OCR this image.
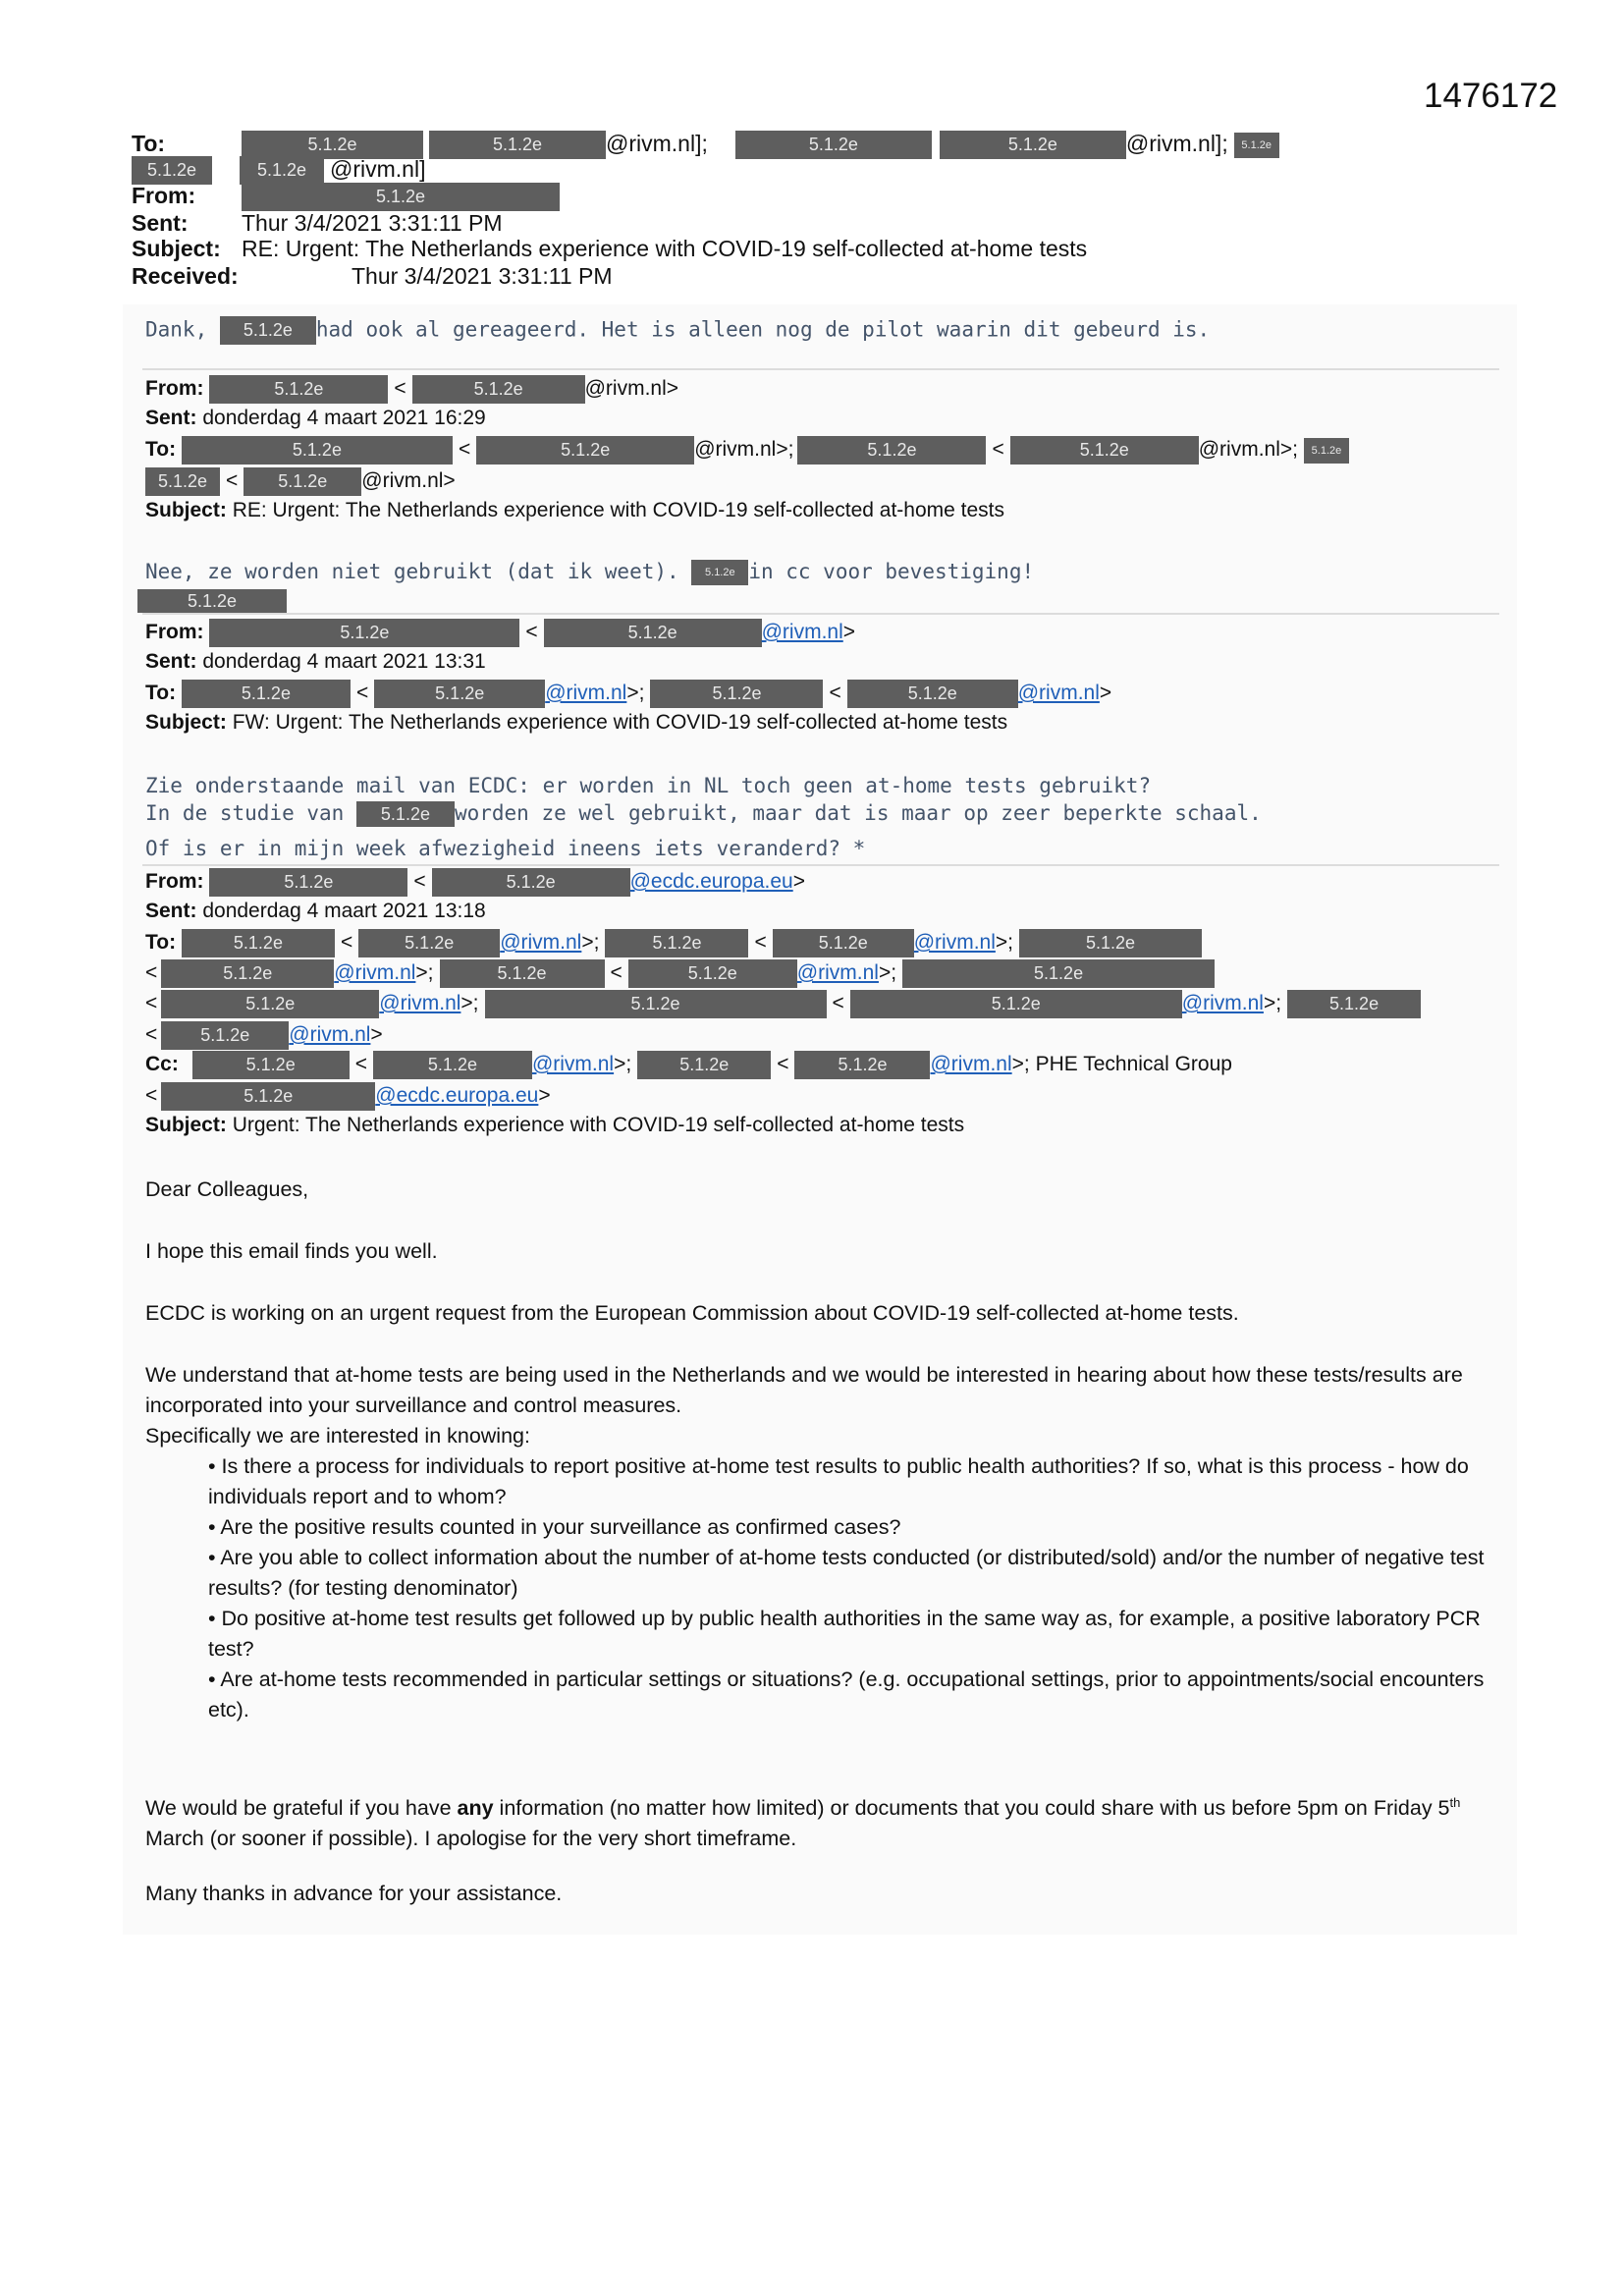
1476172
To:	5.1.2e	5.1.2e	@rivm.nl];	5.1.2e	5.1.2e	@rivm.nl]; 5.1.2e
5.1.2e	5.1.2e @rivm.nl]
From:	5.1.2e
Sent: Thur 3/4/2021 3:31:11 PM
Subject: RE: Urgent: The Netherlands experience with COVID-19 self-collected at-home tests
Received:	Thur 3/4/2021 3:31:11 PM
Dank, 5.1.2e had ook al gereageerd. Het is alleen nog de pilot waarin dit gebeurd is.
From:	5.1.2e	<	5.1.2e	@rivm.nl>
Sent: donderdag 4 maart 2021 16:29
To:	5.1.2e	<	5.1.2e	@rivm.nl>;	5.1.2e	<	5.1.2e	@rivm.nl>; 5.1.2e
5.1.2e < 5.1.2e @rivm.nl>
Subject: RE: Urgent: The Netherlands experience with COVID-19 self-collected at-home tests
Nee, ze worden niet gebruikt (dat ik weet). 5.1.2e in cc voor bevestiging!
5.1.2e
From:	5.1.2e	<	5.1.2e	@rivm.nl>
Sent: donderdag 4 maart 2021 13:31
To:	5.1.2e	<	5.1.2e	@rivm.nl>;	5.1.2e	<	5.1.2e	@rivm.nl>
Subject: FW: Urgent: The Netherlands experience with COVID-19 self-collected at-home tests
Zie onderstaande mail van ECDC: er worden in NL toch geen at-home tests gebruikt?
In de studie van 5.1.2e worden ze wel gebruikt, maar dat is maar op zeer beperkte schaal.
Of is er in mijn week afwezigheid ineens iets veranderd? *
From:	5.1.2e	<	5.1.2e	@ecdc.europa.eu>
Sent: donderdag 4 maart 2021 13:18
To:	5.1.2e	<	5.1.2e @rivm.nl>;	5.1.2e	<	5.1.2e @rivm.nl>;	5.1.2e
<	5.1.2e	@rivm.nl>;	5.1.2e	<	5.1.2e	@rivm.nl>;	5.1.2e
<	5.1.2e	@rivm.nl>;	5.1.2e	<	5.1.2e	@rivm.nl>;	5.1.2e
< 5.1.2e @rivm.nl>
Cc:	5.1.2e	<	5.1.2e	@rivm.nl>;	5.1.2e <	5.1.2e @rivm.nl>; PHE Technical Group
<	5.1.2e	@ecdc.europa.eu>
Subject: Urgent: The Netherlands experience with COVID-19 self-collected at-home tests
Dear Colleagues,
I hope this email finds you well.
ECDC is working on an urgent request from the European Commission about COVID-19 self-collected at-home tests.
We understand that at-home tests are being used in the Netherlands and we would be interested in hearing about how these tests/results are incorporated into your surveillance and control measures.
Specifically we are interested in knowing:
• Is there a process for individuals to report positive at-home test results to public health authorities? If so, what is this process - how do individuals report and to whom?
• Are the positive results counted in your surveillance as confirmed cases?
• Are you able to collect information about the number of at-home tests conducted (or distributed/sold) and/or the number of negative test results? (for testing denominator)
• Do positive at-home test results get followed up by public health authorities in the same way as, for example, a positive laboratory PCR test?
• Are at-home tests recommended in particular settings or situations? (e.g. occupational settings, prior to appointments/social encounters etc).
We would be grateful if you have any information (no matter how limited) or documents that you could share with us before 5pm on Friday 5th March (or sooner if possible). I apologise for the very short timeframe.
Many thanks in advance for your assistance.
